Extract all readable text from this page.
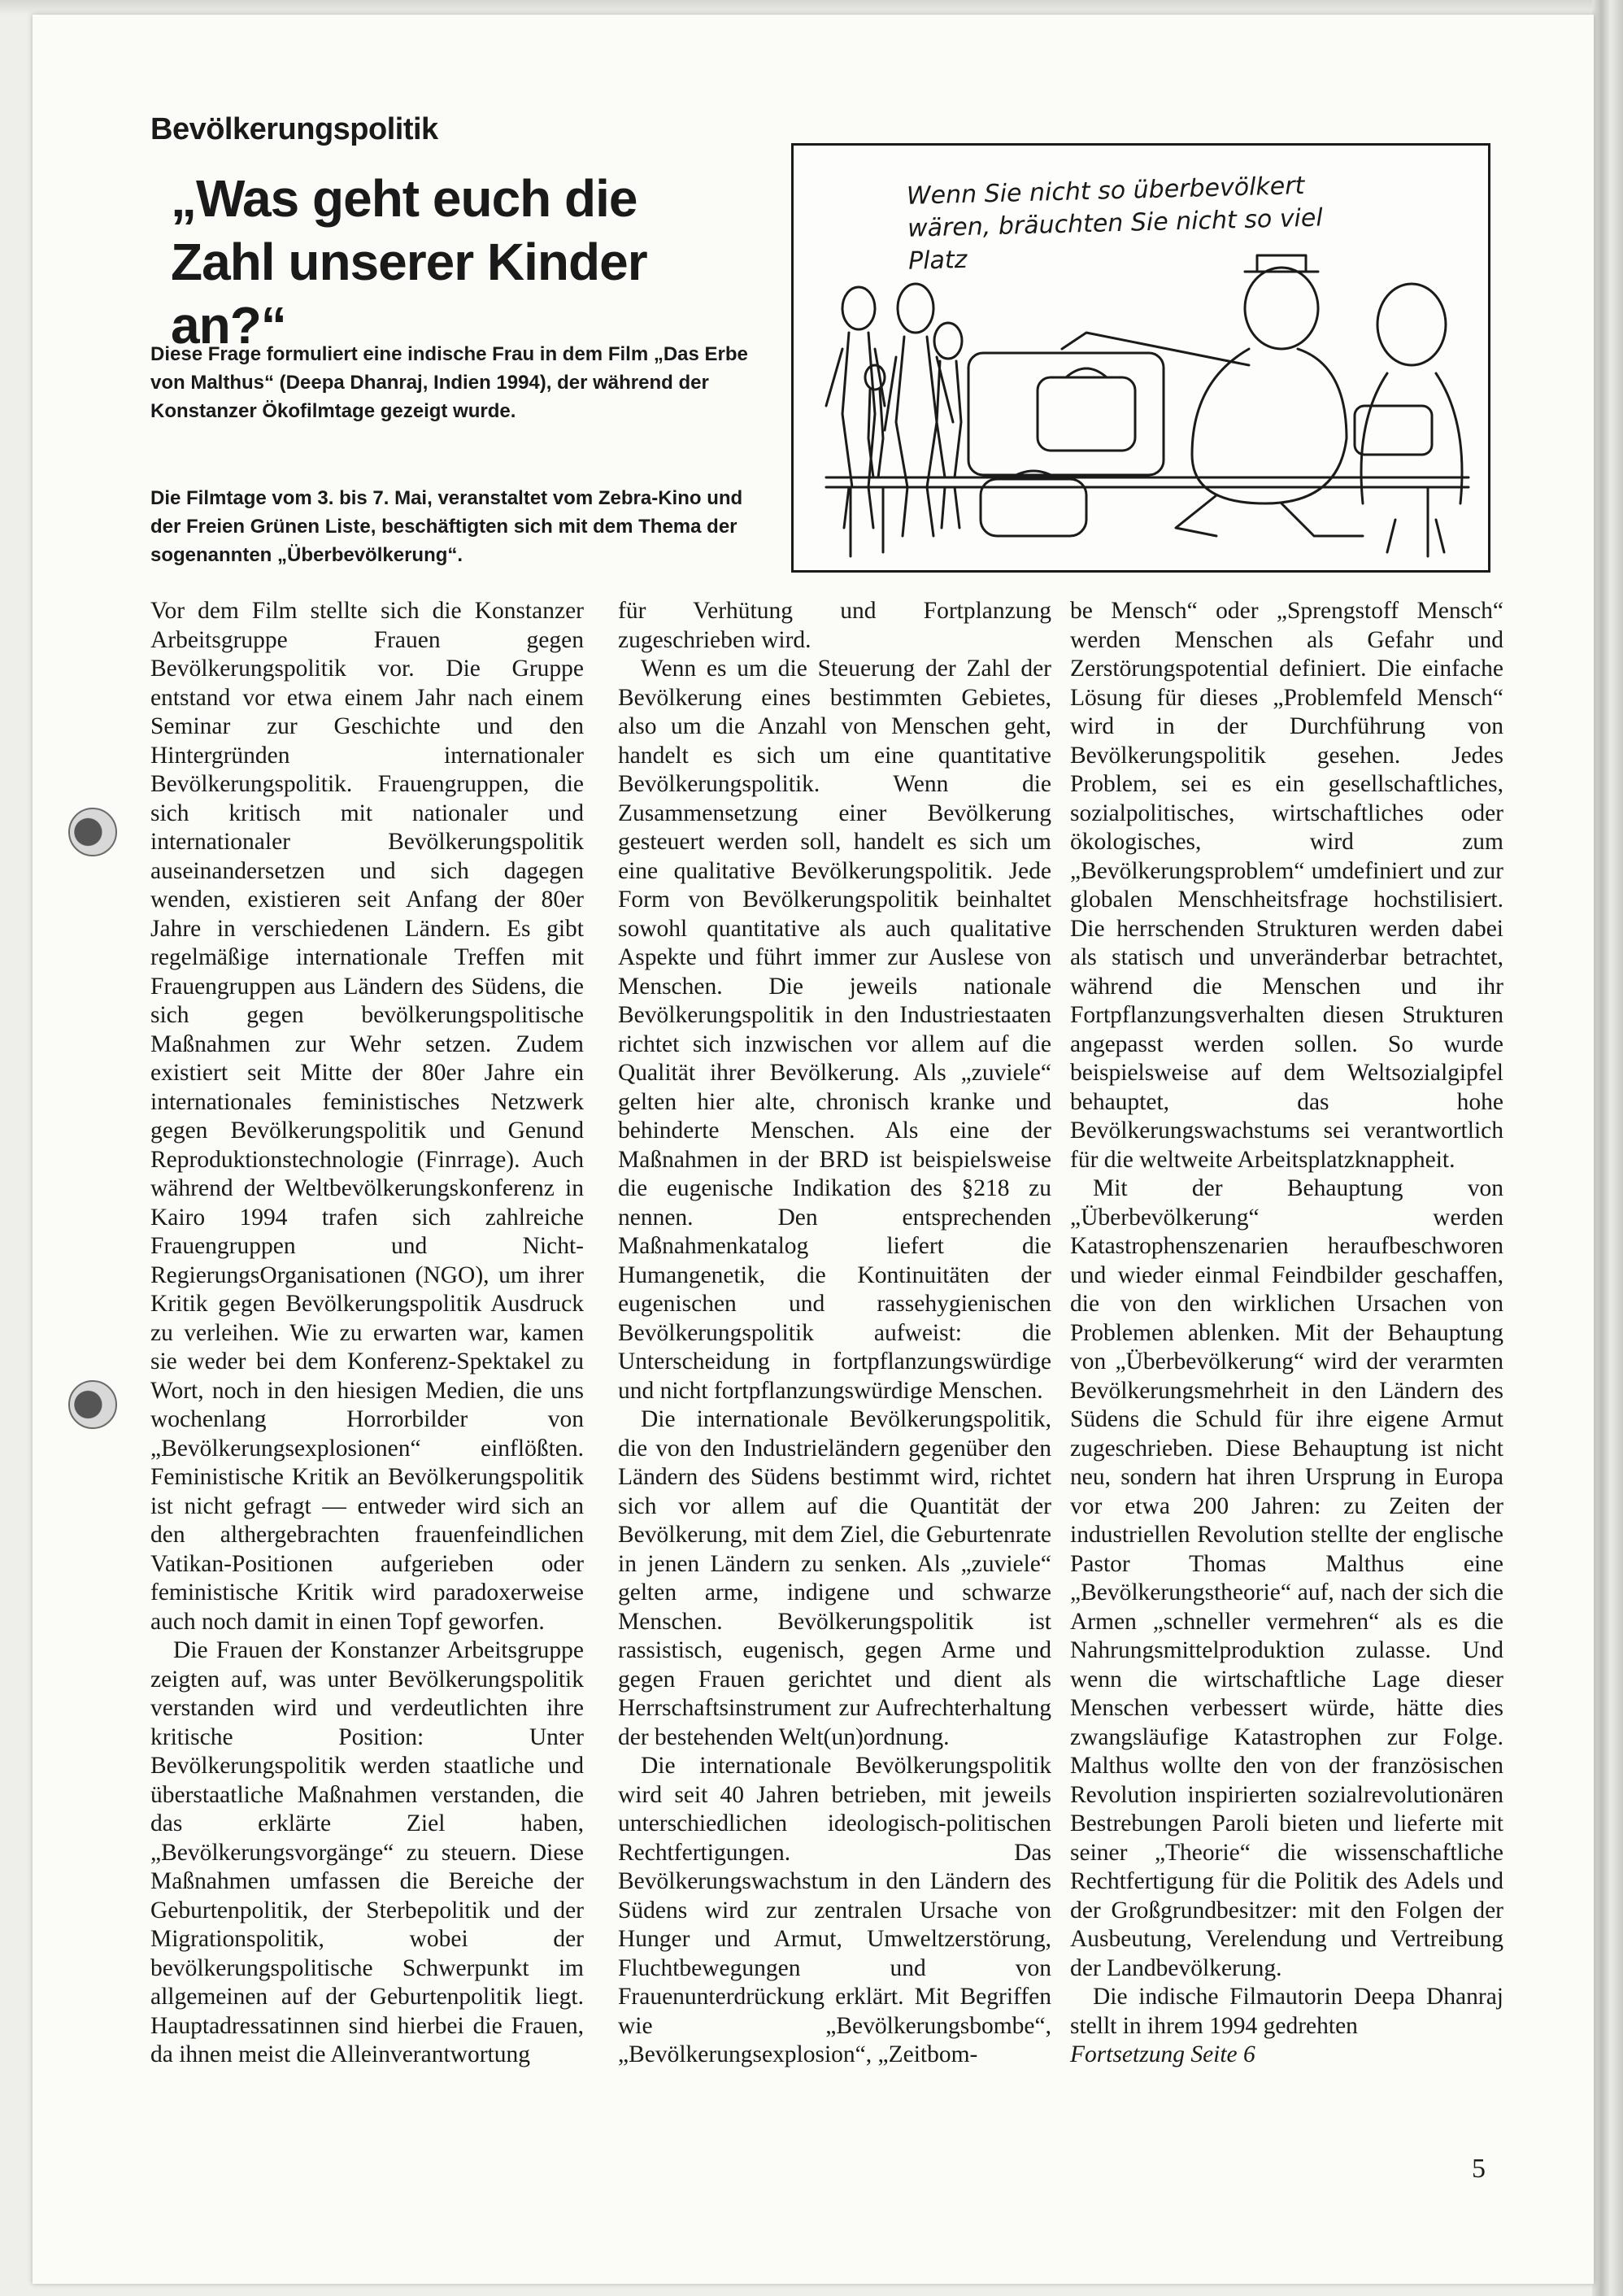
Bevölkerungspolitik
„Was geht euch die Zahl unserer Kinder an?“

Diese Frage formuliert eine indische Frau in dem Film „Das Erbe von Malthus“ (Deepa Dhanraj, Indien 1994), der während der Konstanzer Ökofilmtage gezeigt wurde.

Die Filmtage vom 3. bis 7. Mai, veranstaltet vom Zebra-Kino und der Freien Grünen Liste, beschäftigten sich mit dem Thema der sogenannten „Überbevölkerung“.

Wenn Sie nicht so überbevölkert wären, bräuchten Sie nicht so viel Platz

Vor dem Film stellte sich die Konstanzer Arbeitsgruppe Frauen gegen Bevölkerungspolitik vor. Die Gruppe entstand vor etwa einem Jahr nach einem Seminar zur Geschichte und den Hintergründen internationaler Bevölkerungspolitik. Frauengruppen, die sich kritisch mit nationaler und internationaler Bevölkerungspolitik auseinandersetzen und sich dagegen wenden, existieren seit Anfang der 80er Jahre in verschiedenen Ländern. Es gibt regelmäßige internationale Treffen mit Frauengruppen aus Ländern des Südens, die sich gegen bevölkerungspolitische Maßnahmen zur Wehr setzen. Zudem existiert seit Mitte der 80er Jahre ein internationales feministisches Netzwerk gegen Bevölkerungspolitik und Genund Reproduktionstechnologie (Finrrage). Auch während der Weltbevölkerungskonferenz in Kairo 1994 trafen sich zahlreiche Frauengruppen und Nicht-RegierungsOrganisationen (NGO), um ihrer Kritik gegen Bevölkerungspolitik Ausdruck zu verleihen. Wie zu erwarten war, kamen sie weder bei dem Konferenz-Spektakel zu Wort, noch in den hiesigen Medien, die uns wochenlang Horrorbilder von „Bevölkerungsexplosionen“ einflößten. Feministische Kritik an Bevölkerungspolitik ist nicht gefragt — entweder wird sich an den althergebrachten frauenfeindlichen Vatikan-Positionen aufgerieben oder feministische Kritik wird paradoxerweise auch noch damit in einen Topf geworfen.

Die Frauen der Konstanzer Arbeitsgruppe zeigten auf, was unter Bevölkerungspolitik verstanden wird und verdeutlichten ihre kritische Position: Unter Bevölkerungspolitik werden staatliche und überstaatliche Maßnahmen verstanden, die das erklärte Ziel haben, „Bevölkerungsvorgänge“ zu steuern. Diese Maßnahmen umfassen die Bereiche der Geburtenpolitik, der Sterbepolitik und der Migrationspolitik, wobei der bevölkerungspolitische Schwerpunkt im allgemeinen auf der Geburtenpolitik liegt. Hauptadressatinnen sind hierbei die Frauen, da ihnen meist die Alleinverantwortung

für Verhütung und Fortplanzung zugeschrieben wird.

Wenn es um die Steuerung der Zahl der Bevölkerung eines bestimmten Gebietes, also um die Anzahl von Menschen geht, handelt es sich um eine quantitative Bevölkerungspolitik. Wenn die Zusammensetzung einer Bevölkerung gesteuert werden soll, handelt es sich um eine qualitative Bevölkerungspolitik. Jede Form von Bevölkerungspolitik beinhaltet sowohl quantitative als auch qualitative Aspekte und führt immer zur Auslese von Menschen. Die jeweils nationale Bevölkerungspolitik in den Industriestaaten richtet sich inzwischen vor allem auf die Qualität ihrer Bevölkerung. Als „zuviele“ gelten hier alte, chronisch kranke und behinderte Menschen. Als eine der Maßnahmen in der BRD ist beispielsweise die eugenische Indikation des §218 zu nennen. Den entsprechenden Maßnahmenkatalog liefert die Humangenetik, die Kontinuitäten der eugenischen und rassehygienischen Bevölkerungspolitik aufweist: die Unterscheidung in fortpflanzungswürdige und nicht fortpflanzungswürdige Menschen.

Die internationale Bevölkerungspolitik, die von den Industrieländern gegenüber den Ländern des Südens bestimmt wird, richtet sich vor allem auf die Quantität der Bevölkerung, mit dem Ziel, die Geburtenrate in jenen Ländern zu senken. Als „zuviele“ gelten arme, indigene und schwarze Menschen. Bevölkerungspolitik ist rassistisch, eugenisch, gegen Arme und gegen Frauen gerichtet und dient als Herrschaftsinstrument zur Aufrechterhaltung der bestehenden Welt(un)ordnung.

Die internationale Bevölkerungspolitik wird seit 40 Jahren betrieben, mit jeweils unterschiedlichen ideologisch-politischen Rechtfertigungen. Das Bevölkerungswachstum in den Ländern des Südens wird zur zentralen Ursache von Hunger und Armut, Umweltzerstörung, Fluchtbewegungen und von Frauenunterdrückung erklärt. Mit Begriffen wie „Bevölkerungsbombe“, „Bevölkerungsexplosion“, „Zeitbom-

be Mensch“ oder „Sprengstoff Mensch“ werden Menschen als Gefahr und Zerstörungspotential definiert. Die einfache Lösung für dieses „Problemfeld Mensch“ wird in der Durchführung von Bevölkerungspolitik gesehen. Jedes Problem, sei es ein gesellschaftliches, sozialpolitisches, wirtschaftliches oder ökologisches, wird zum „Bevölkerungsproblem“ umdefiniert und zur globalen Menschheitsfrage hochstilisiert. Die herrschenden Strukturen werden dabei als statisch und unveränderbar betrachtet, während die Menschen und ihr Fortpflanzungsverhalten diesen Strukturen angepasst werden sollen. So wurde beispielsweise auf dem Weltsozialgipfel behauptet, das hohe Bevölkerungswachstums sei verantwortlich für die weltweite Arbeitsplatzknappheit.

Mit der Behauptung von „Überbevölkerung“ werden Katastrophenszenarien heraufbeschworen und wieder einmal Feindbilder geschaffen, die von den wirklichen Ursachen von Problemen ablenken. Mit der Behauptung von „Überbevölkerung“ wird der verarmten Bevölkerungsmehrheit in den Ländern des Südens die Schuld für ihre eigene Armut zugeschrieben. Diese Behauptung ist nicht neu, sondern hat ihren Ursprung in Europa vor etwa 200 Jahren: zu Zeiten der industriellen Revolution stellte der englische Pastor Thomas Malthus eine „Bevölkerungstheorie“ auf, nach der sich die Armen „schneller vermehren“ als es die Nahrungsmittelproduktion zulasse. Und wenn die wirtschaftliche Lage dieser Menschen verbessert würde, hätte dies zwangsläufige Katastrophen zur Folge. Malthus wollte den von der französischen Revolution inspirierten sozialrevolutionären Bestrebungen Paroli bieten und lieferte mit seiner „Theorie“ die wissenschaftliche Rechtfertigung für die Politik des Adels und der Großgrundbesitzer: mit den Folgen der Ausbeutung, Verelendung und Vertreibung der Landbevölkerung.

Die indische Filmautorin Deepa Dhanraj stellt in ihrem 1994 gedrehten

Fortsetzung Seite 6

5
